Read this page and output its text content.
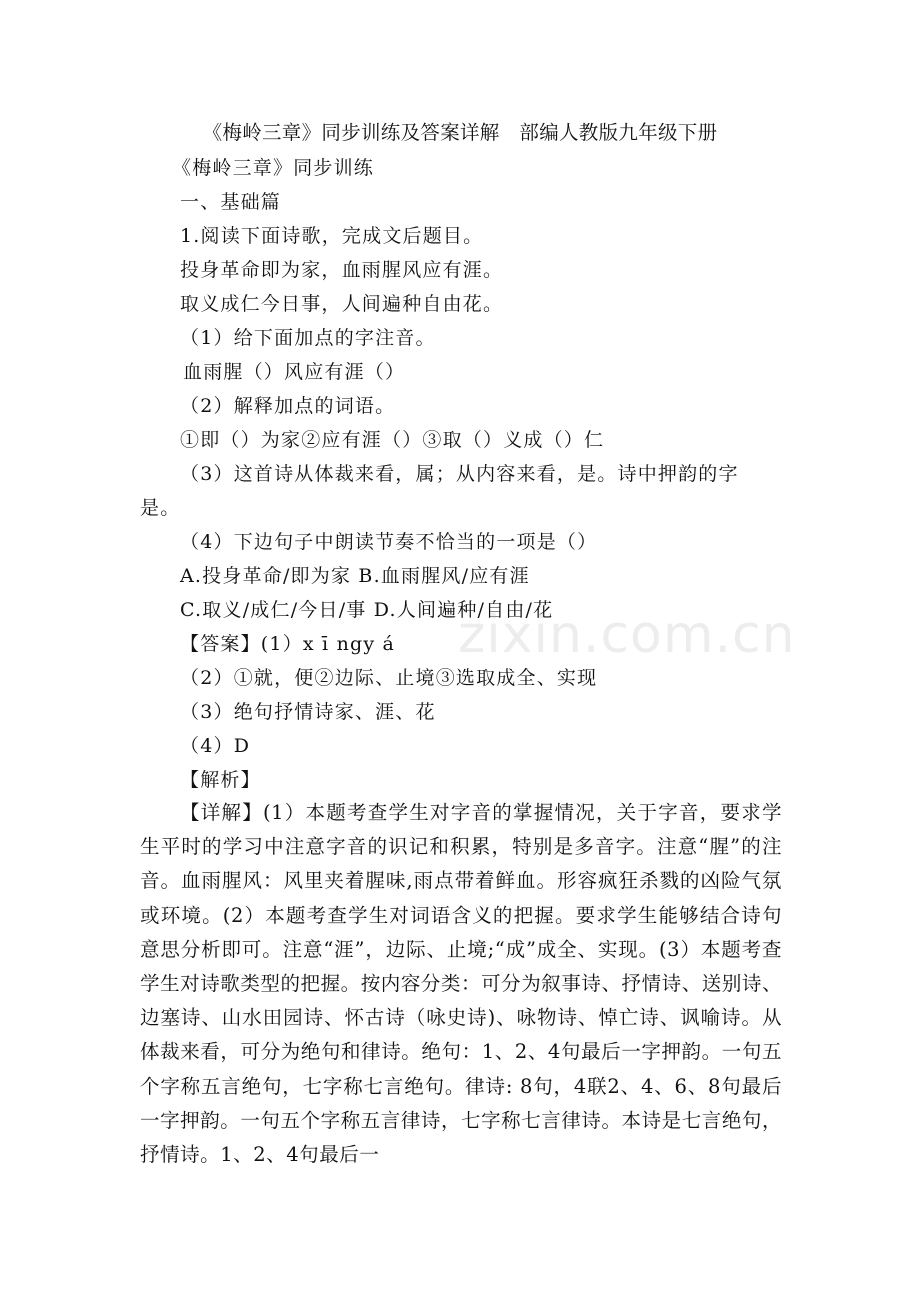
《梅岭三章》同步训练及答案详解　部编人教版九年级下册
《梅岭三章》同步训练
一、基础篇
1.阅读下面诗歌，完成文后题目。
投身革命即为家，血雨腥风应有涯。
取义成仁今日事，人间遍种自由花。
（1）给下面加点的字注音。
血雨腥（）风应有涯（）
（2）解释加点的词语。
①即（）为家②应有涯（）③取（）义成（）仁
（3）这首诗从体裁来看，属；从内容来看，是。诗中押韵的字
是。
（4）下边句子中朗读节奏不恰当的一项是（）
A.投身革命/即为家 B.血雨腥风/应有涯
C.取义/成仁/今日/事 D.人间遍种/自由/花
【答案】(1）x ī ngy á
（2）①就，便②边际、止境③选取成全、实现
（3）绝句抒情诗家、涯、花
（4）D
【解析】
【详解】(1）本题考查学生对字音的掌握情况，关于字音，要求学生平时的学习中注意字音的识记和积累，特别是多音字。注意“腥”的注音。血雨腥风：风里夹着腥味,雨点带着鲜血。形容疯狂杀戮的凶险气氛或环境。(2）本题考查学生对词语含义的把握。要求学生能够结合诗句意思分析即可。注意“涯”，边际、止境;“成”成全、实现。(3）本题考查学生对诗歌类型的把握。按内容分类：可分为叙事诗、抒情诗、送别诗、边塞诗、山水田园诗、怀古诗（咏史诗)、咏物诗、悼亡诗、讽喻诗。从体裁来看，可分为绝句和律诗。绝句：1、2、4句最后一字押韵。一句五个字称五言绝句，七字称七言绝句。律诗: 8句，4联2、4、6、8句最后一字押韵。一句五个字称五言律诗，七字称七言律诗。本诗是七言绝句，抒情诗。1、2、4句最后一
zixin.com.cn
